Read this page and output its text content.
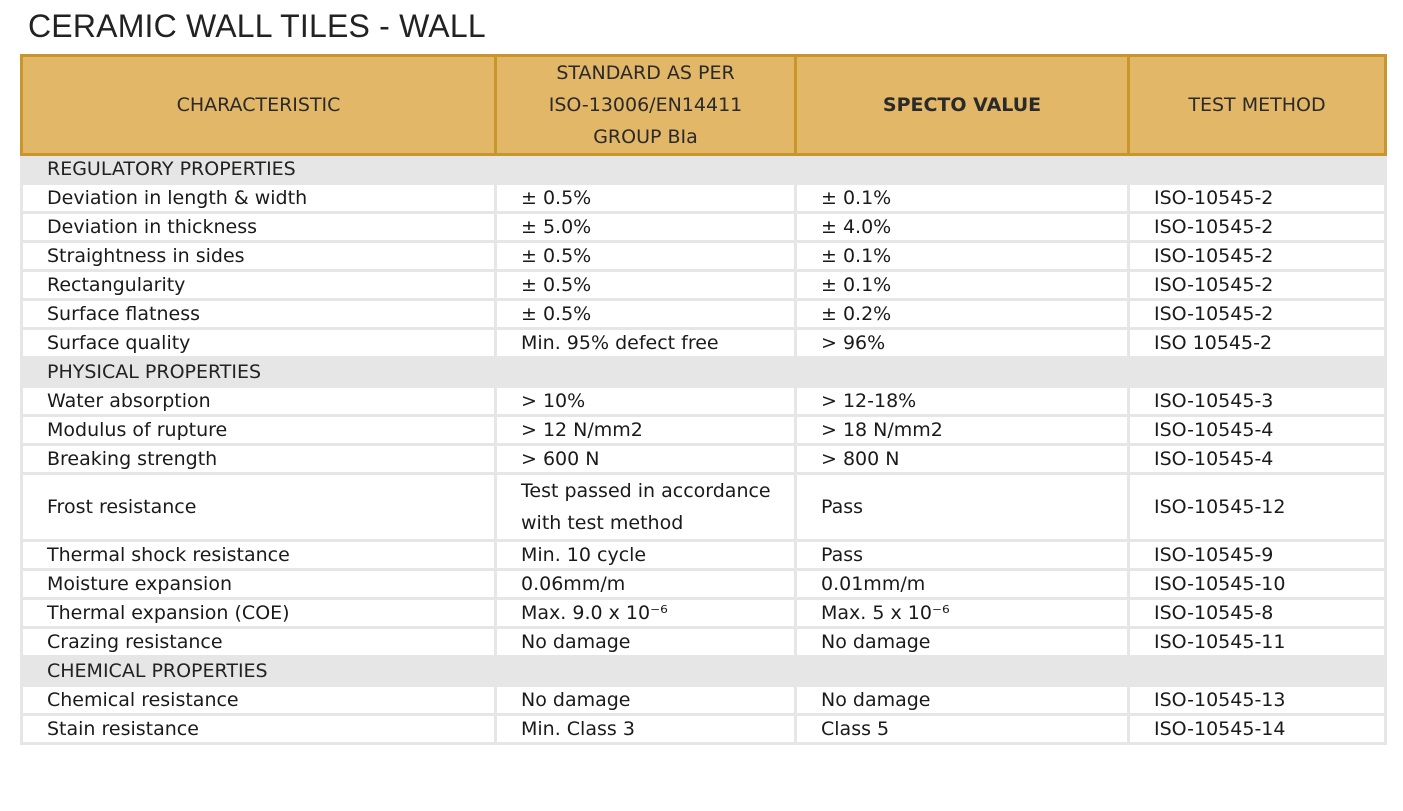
CERAMIC WALL TILES - WALL
CHARACTERISTIC	STANDARD AS PER
ISO-13006/EN14411
GROUP BIa	SPECTO VALUE	TEST METHOD
REGULATORY PROPERTIES			
Deviation in length & width	± 0.5%	± 0.1%	ISO-10545-2
Deviation in thickness	± 5.0%	± 4.0%	ISO-10545-2
Straightness in sides	± 0.5%	± 0.1%	ISO-10545-2
Rectangularity	± 0.5%	± 0.1%	ISO-10545-2
Surface flatness	± 0.5%	± 0.2%	ISO-10545-2
Surface quality	Min. 95% defect free	> 96%	ISO 10545-2
PHYSICAL PROPERTIES			
Water absorption	> 10%	> 12-18%	ISO-10545-3
Modulus of rupture	> 12 N/mm2	> 18 N/mm2	ISO-10545-4
Breaking strength	> 600 N	> 800 N	ISO-10545-4
Frost resistance	Test passed in accordance with test method	Pass	ISO-10545-12
Thermal shock resistance	Min. 10 cycle	Pass	ISO-10545-9
Moisture expansion	0.06mm/m	0.01mm/m	ISO-10545-10
Thermal expansion (COE)	Max. 9.0 x 10⁻⁶	Max. 5 x 10⁻⁶	ISO-10545-8
Crazing resistance	No damage	No damage	ISO-10545-11
CHEMICAL PROPERTIES			
Chemical resistance	No damage	No damage	ISO-10545-13
Stain resistance	Min. Class 3	Class 5	ISO-10545-14
